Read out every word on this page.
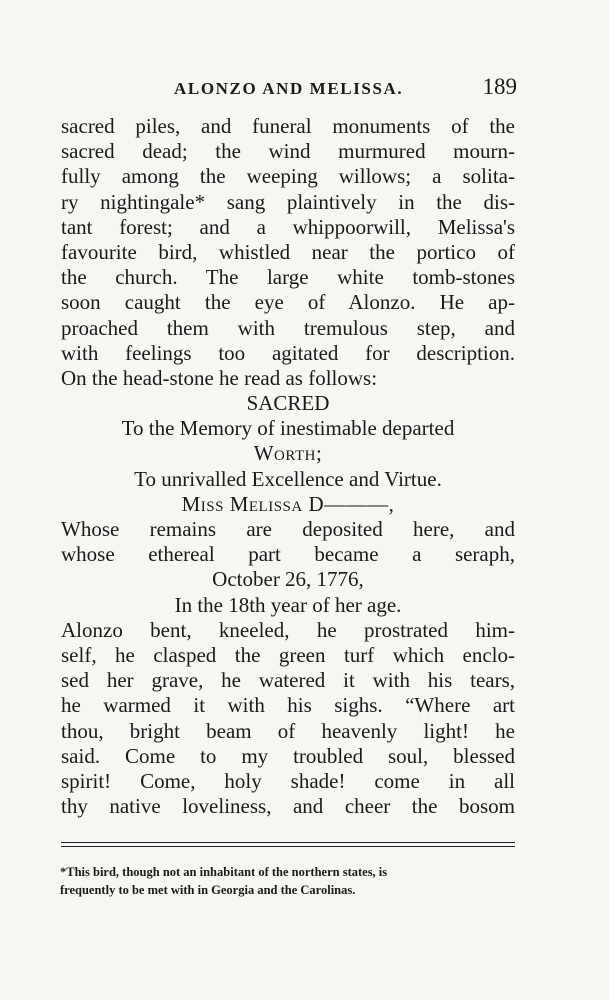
ALONZO AND MELISSA.	189
sacred piles, and funeral monuments of the
sacred dead; the wind murmured mourn-
fully among the weeping willows; a solita-
ry nightingale* sang plaintively in the dis-
tant forest; and a whippoorwill, Melissa's
favourite bird, whistled near the portico of
the church. The large white tomb-stones
soon caught the eye of Alonzo. He ap-
proached them with tremulous step, and
with feelings too agitated for description.
On the head-stone he read as follows:
SACRED
To the Memory of inestimable departed
Worth;
To unrivalled Excellence and Virtue.
Miss Melissa D———,
Whose remains are deposited here, and
whose ethereal part became a seraph,
October 26, 1776,
In the 18th year of her age.
Alonzo bent, kneeled, he prostrated him-
self, he clasped the green turf which enclo-
sed her grave, he watered it with his tears,
he warmed it with his sighs. “Where art
thou, bright beam of heavenly light! he
said. Come to my troubled soul, blessed
spirit! Come, holy shade! come in all
thy native loveliness, and cheer the bosom
*This bird, though not an inhabitant of the northern states, is
frequently to be met with in Georgia and the Carolinas.
